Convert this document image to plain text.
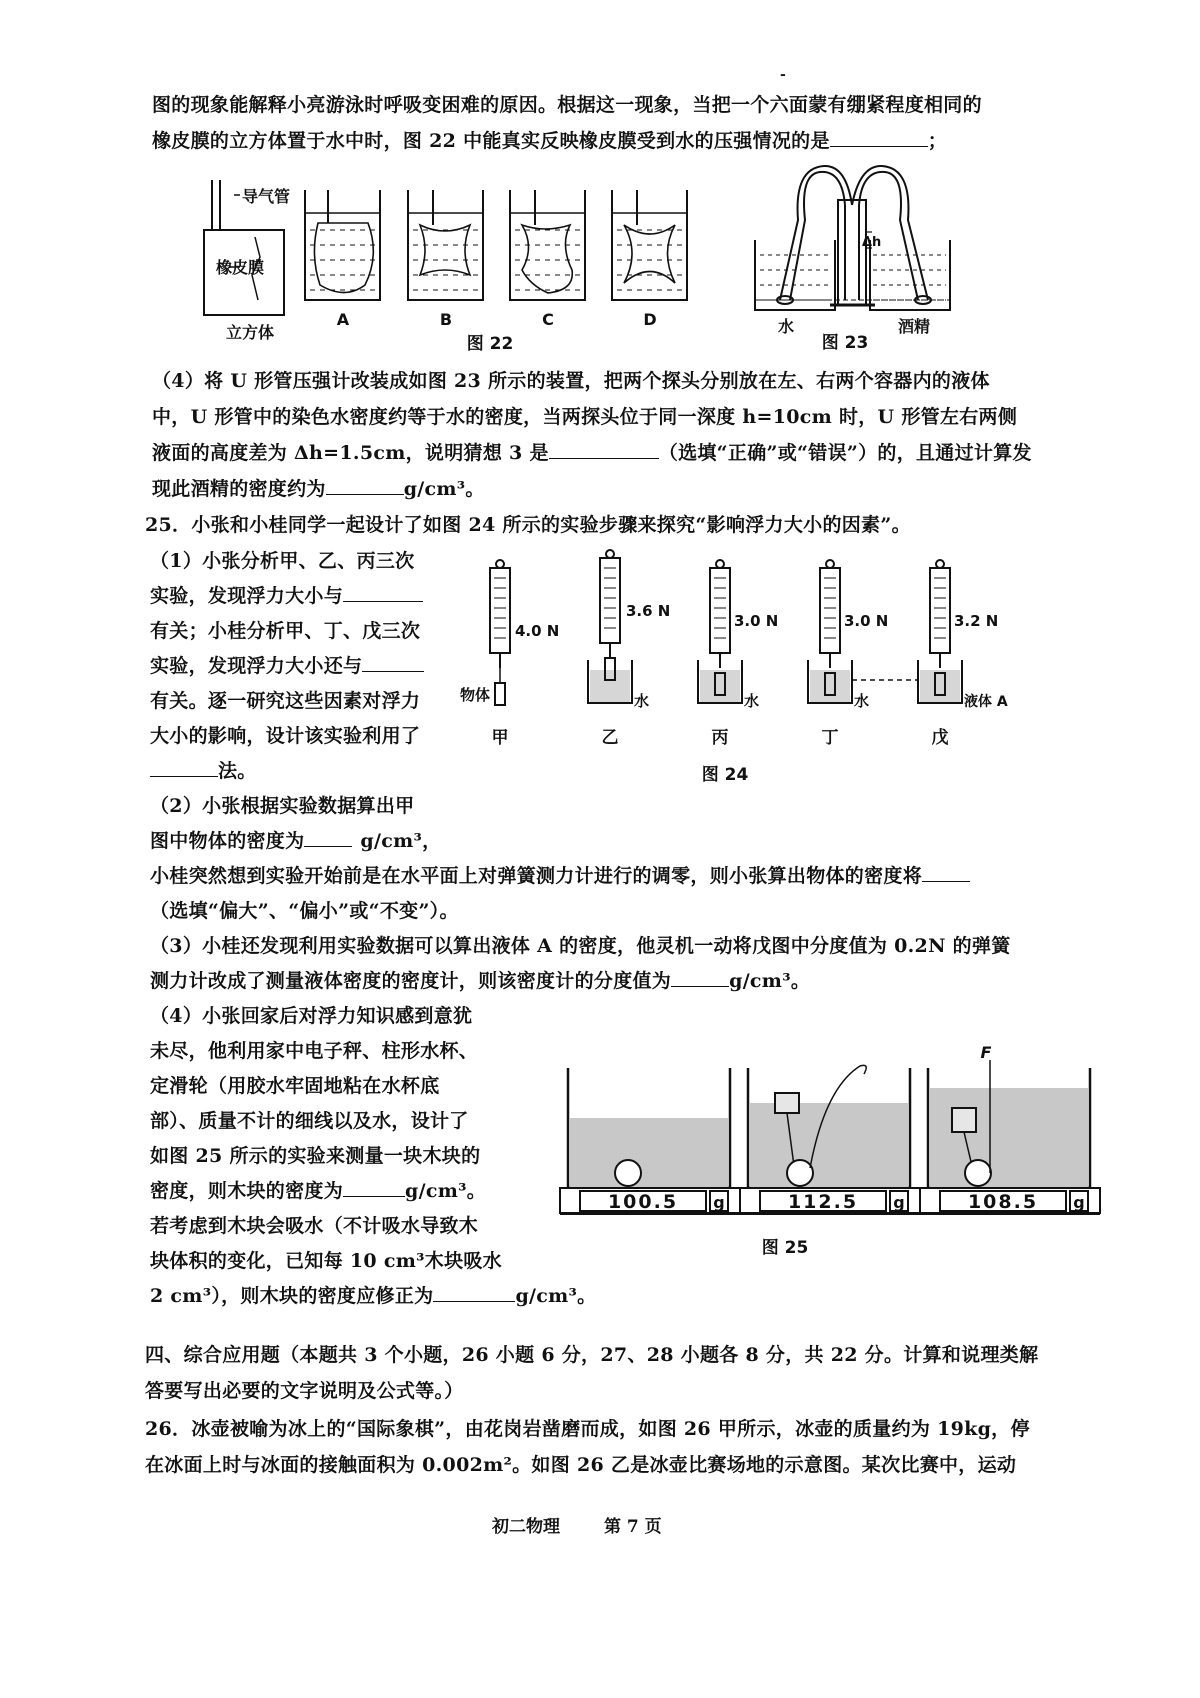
-
图的现象能解释小亮游泳时呼吸变困难的原因。根据这一现象，当把一个六面蒙有绷紧程度相同的
橡皮膜的立方体置于水中时，图 22 中能真实反映橡皮膜受到水的压强情况的是	；
导气管
橡皮膜
立方体
A	B	C	D
图 22
Δh
水	酒精
图 23
（4）将 U 形管压强计改装成如图 23 所示的装置，把两个探头分别放在左、右两个容器内的液体
中，U 形管中的染色水密度约等于水的密度，当两探头位于同一深度 h=10cm 时，U 形管左右两侧
液面的高度差为 Δh=1.5cm，说明猜想 3 是	（选填“正确”或“错误”）的，且通过计算发
现此酒精的密度约为	g/cm³。
25．小张和小桂同学一起设计了如图 24 所示的实验步骤来探究“影响浮力大小的因素”。
（1）小张分析甲、乙、丙三次
实验，发现浮力大小与
有关；小桂分析甲、丁、戊三次
实验，发现浮力大小还与
有关。逐一研究这些因素对浮力
大小的影响，设计该实验利用了
法。
4.0 N
物体
3.6 N
水
3.0 N
水
3.0 N
水
3.2 N
液体 A
甲	乙	丙	丁	戊
图 24
（2）小张根据实验数据算出甲
图中物体的密度为	g/cm³，
小桂突然想到实验开始前是在水平面上对弹簧测力计进行的调零，则小张算出物体的密度将
（选填“偏大”、“偏小”或“不变”）。
（3）小桂还发现利用实验数据可以算出液体 A 的密度，他灵机一动将戊图中分度值为 0.2N 的弹簧
测力计改成了测量液体密度的密度计，则该密度计的分度值为	g/cm³。
（4）小张回家后对浮力知识感到意犹
未尽，他利用家中电子秤、柱形水杯、
定滑轮（用胶水牢固地粘在水杯底
部）、质量不计的细线以及水，设计了
如图 25 所示的实验来测量一块木块的
密度，则木块的密度为	g/cm³。
若考虑到木块会吸水（不计吸水导致木
块体积的变化，已知每 10 cm³木块吸水
2 cm³），则木块的密度应修正为	g/cm³。
100.5 g	112.5 g	108.5 g
F
图 25
四、综合应用题（本题共 3 个小题，26 小题 6 分，27、28 小题各 8 分，共 22 分。计算和说理类解
答要写出必要的文字说明及公式等。）
26．冰壶被喻为冰上的“国际象棋”，由花岗岩凿磨而成，如图 26 甲所示，冰壶的质量约为 19kg，停
在冰面上时与冰面的接触面积为 0.002m²。如图 26 乙是冰壶比赛场地的示意图。某次比赛中，运动
初二物理	第 7 页
